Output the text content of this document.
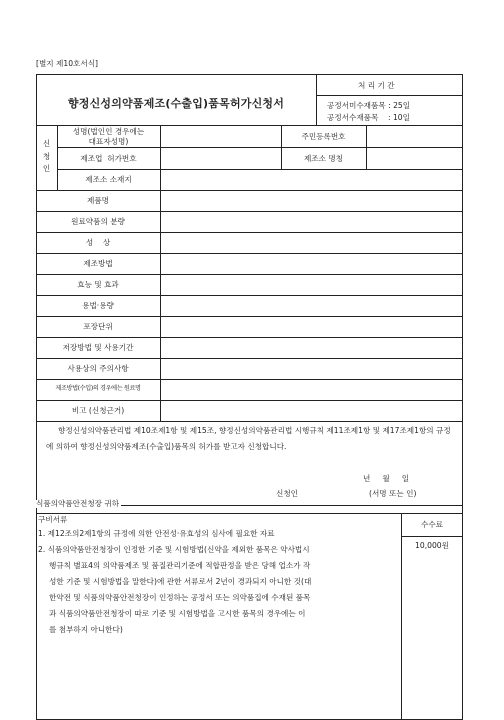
[별지 제10호서식]
향정신성의약품제조(수출입)품목허가신청서
처 리 기 간
공정서미수재품목 : 25일
공정서수재품목    : 10일
신
청
인
성명(법인인 경우에는
대표자성명)
주민등록번호
제조업  허가번호	제조소 명칭
제조소 소재지
제품명
원료약품의 분량
성    상
제조방법
효능 및 효과
용법·용량
포장단위
저장방법 및 사용기간
사용상의 주의사항
제조방법(수입)의 경우에는 원료명
비고 (신청근거)
향정신성의약품관리법 제10조제1항 및 제15조, 향정신성의약품관리법 시행규칙 제11조제1항 및 제17조제1항의 규정에 의하여 향정신성의약품제조(수출입)품목의 허가를 받고자 신청합니다.
년     월     일
신청인	(서명 또는 인)
식품의약품안전청장 귀하
구비서류
1. 제12조의2제1항의 규정에 의한 안전성·유효성의 심사에 필요한 자료
2. 식품의약품안전청장이 인정한 기준 및 시험방법(신약을 제외한 품목은 약사법시
행규칙 별표4의 의약품제조 및 품질관리기준에 적합판정을 받은 당해 업소가 작
성한 기준 및 시험방법을 말한다)에 관한 서류로서 2년이 경과되지 아니한 것(대
한약전 및 식품의약품안전청장이 인정하는 공정서 또는 의약품집에 수재된 품목
과 식품의약품안전청장이 따로 기준 및 시험방법을 고시한 품목의 경우에는 이
를 첨부하지 아니한다)
수수료
10,000원
